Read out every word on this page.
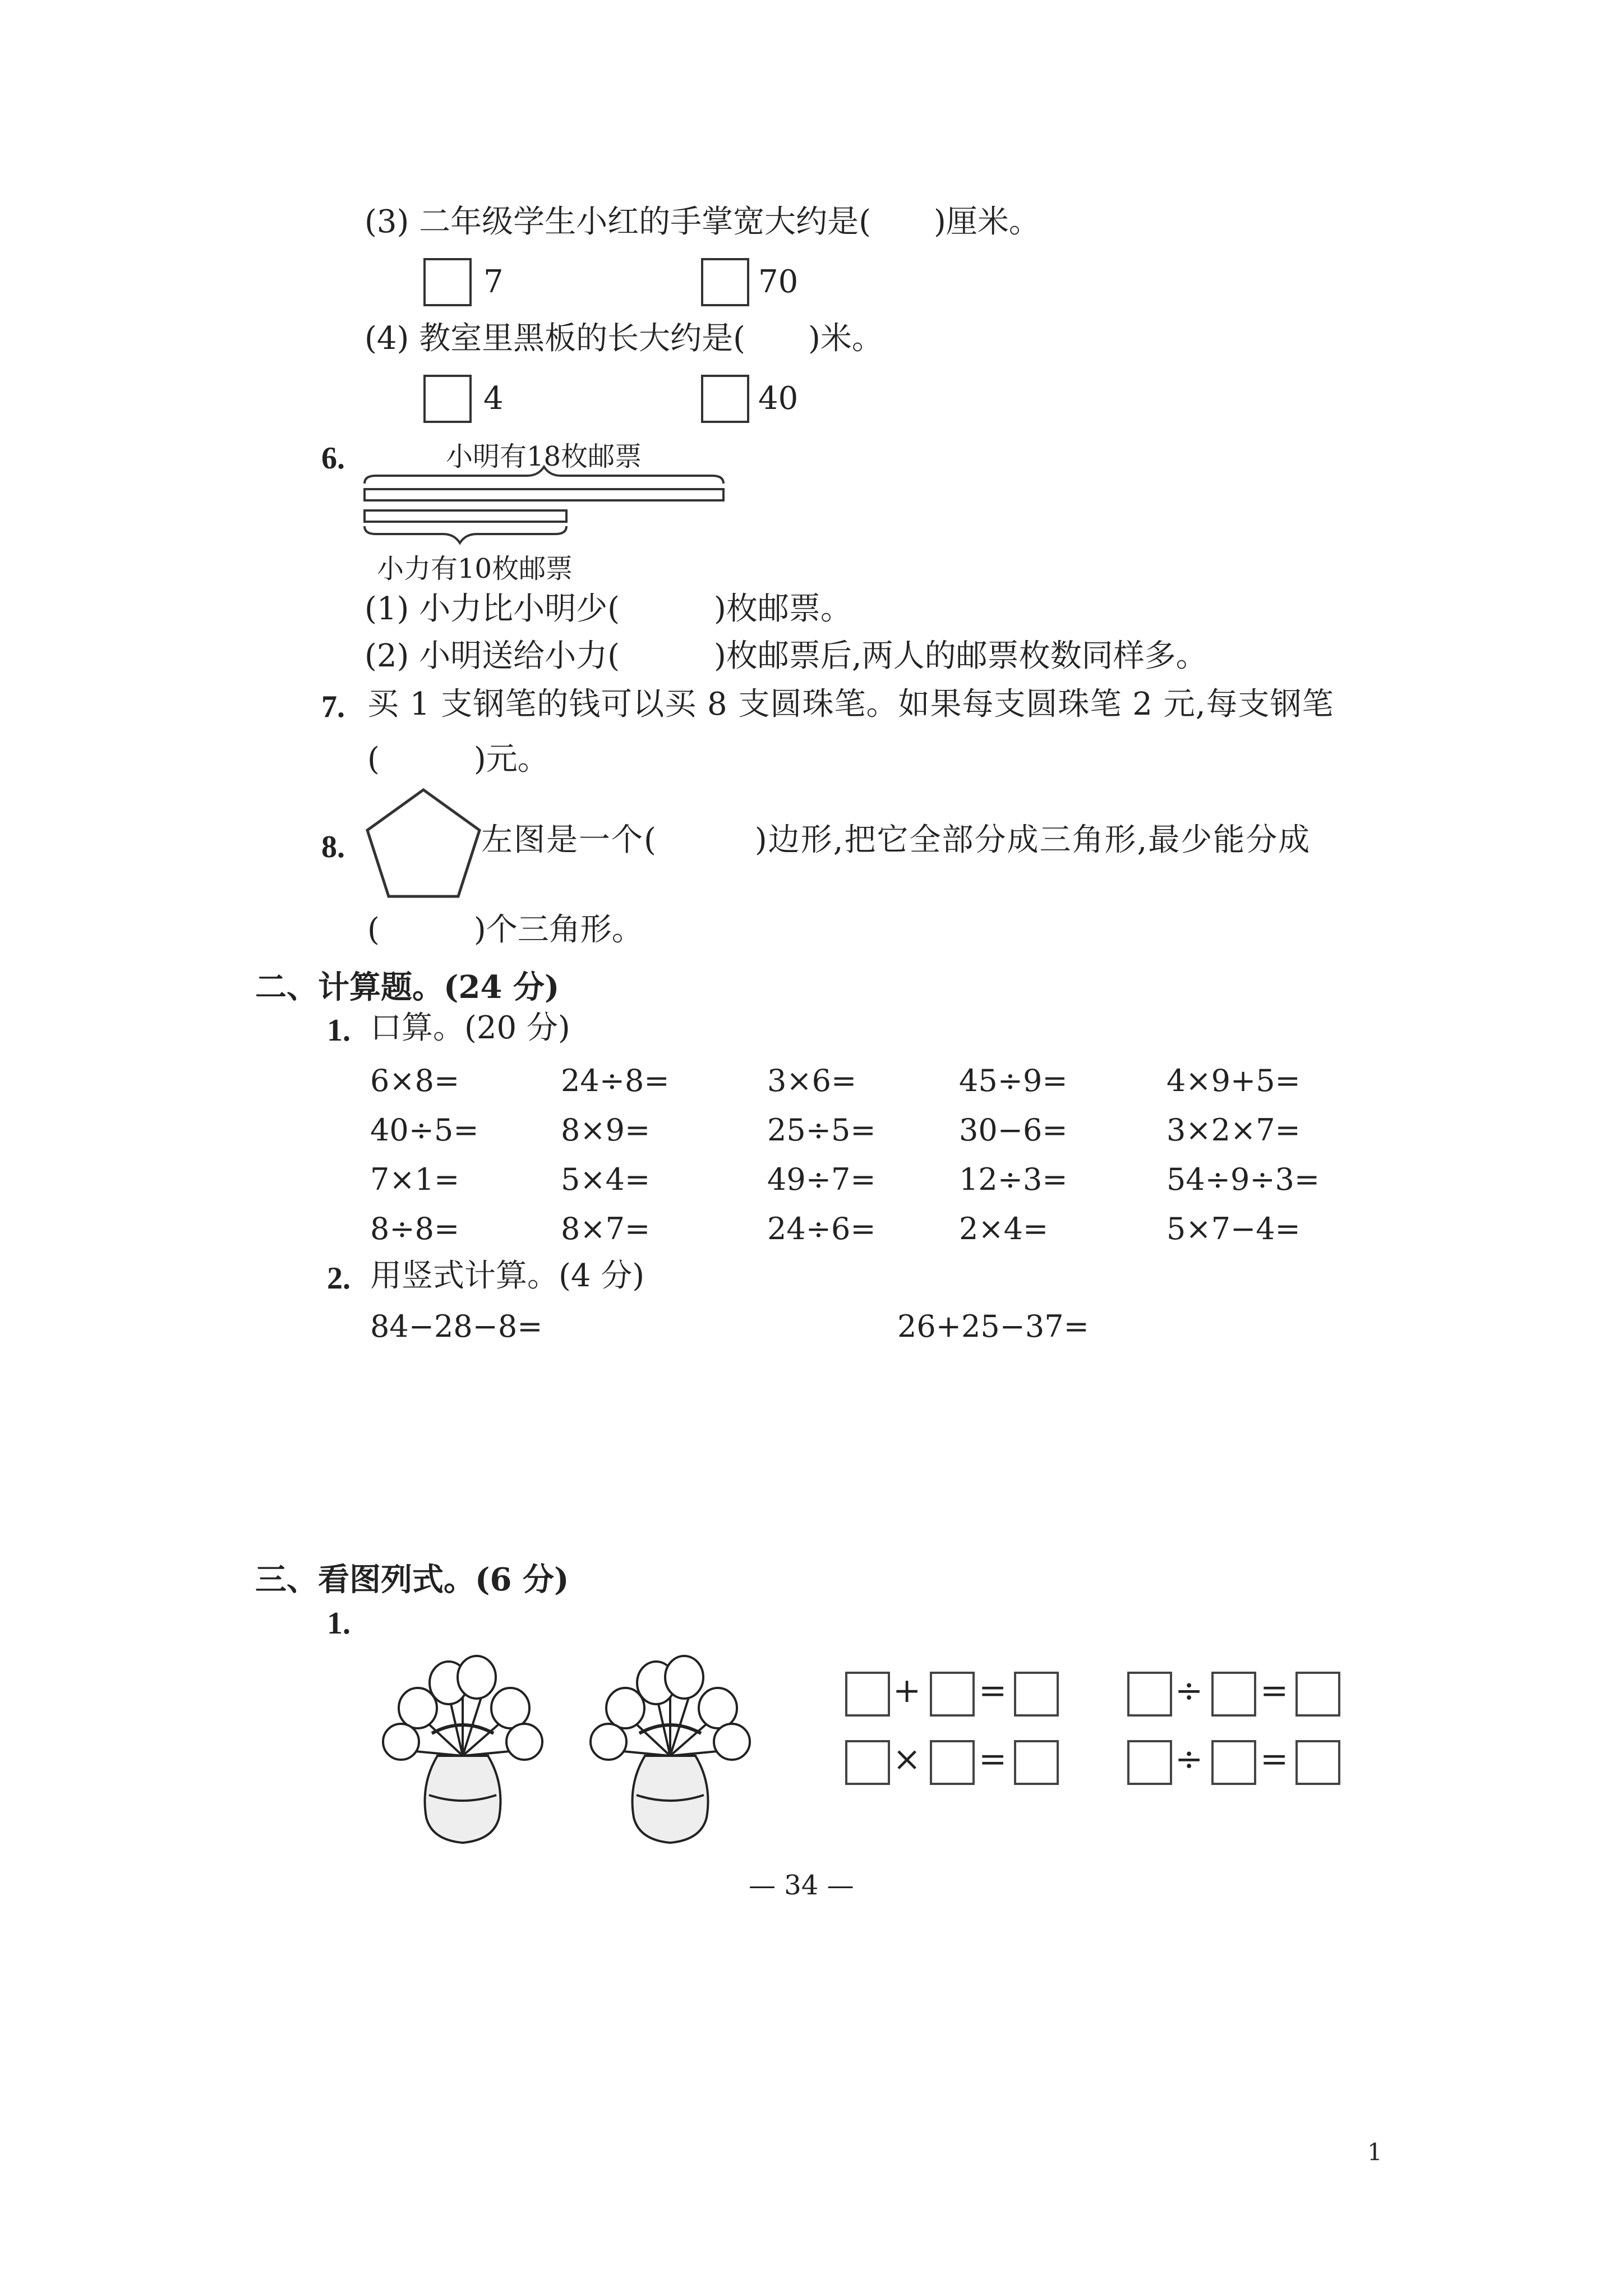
(3) 二年级学生小红的手掌宽大约是(　　)厘米。
7	70
(4) 教室里黑板的长大约是(　　)米。
4	40
6.	小明有18枚邮票
小力有10枚邮票
(1) 小力比小明少(　　　)枚邮票。
(2) 小明送给小力(　　　)枚邮票后,两人的邮票枚数同样多。
7. 买 1 支钢笔的钱可以买 8 支圆珠笔。如果每支圆珠笔 2 元,每支钢笔
(　　　)元。
8.	左图是一个(　　　)边形,把它全部分成三角形,最少能分成
(　　　)个三角形。
二、计算题。(24 分)
1. 口算。(20 分)
6×8=	24÷8=	3×6=	45÷9=	4×9+5=
40÷5=	8×9=	25÷5=	30−6=	3×2×7=
7×1=	5×4=	49÷7=	12÷3=	54÷9÷3=
8÷8=	8×7=	24÷6=	2×4=	5×7−4=
2. 用竖式计算。(4 分)
84−28−8=	26+25−37=
三、看图列式。(6 分)
1.
+ =	÷ =
× =	÷ =
— 34 —
1
